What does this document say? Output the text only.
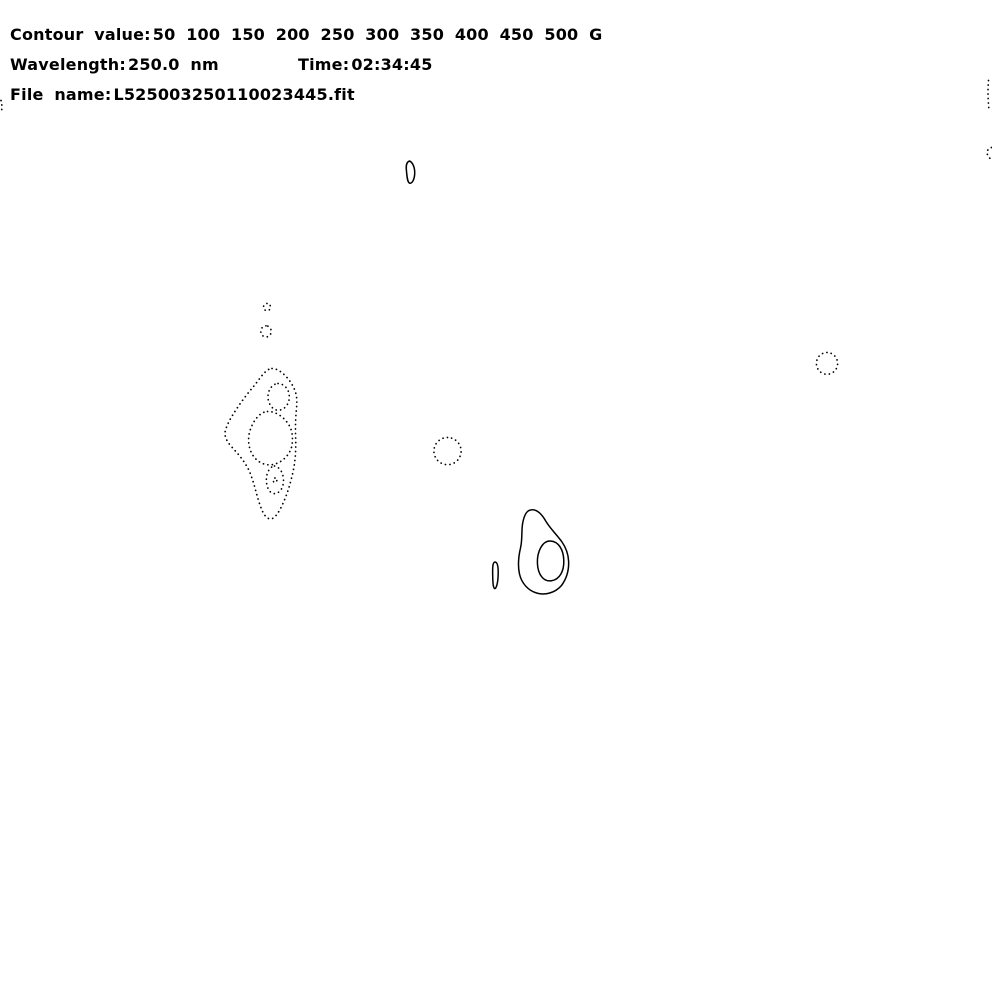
Contour value: 50 100 150 200 250 300 350 400 450 500 G
Wavelength: 250.0 nm	Time: 02:34:45
File name: L525003250110023445.fit
